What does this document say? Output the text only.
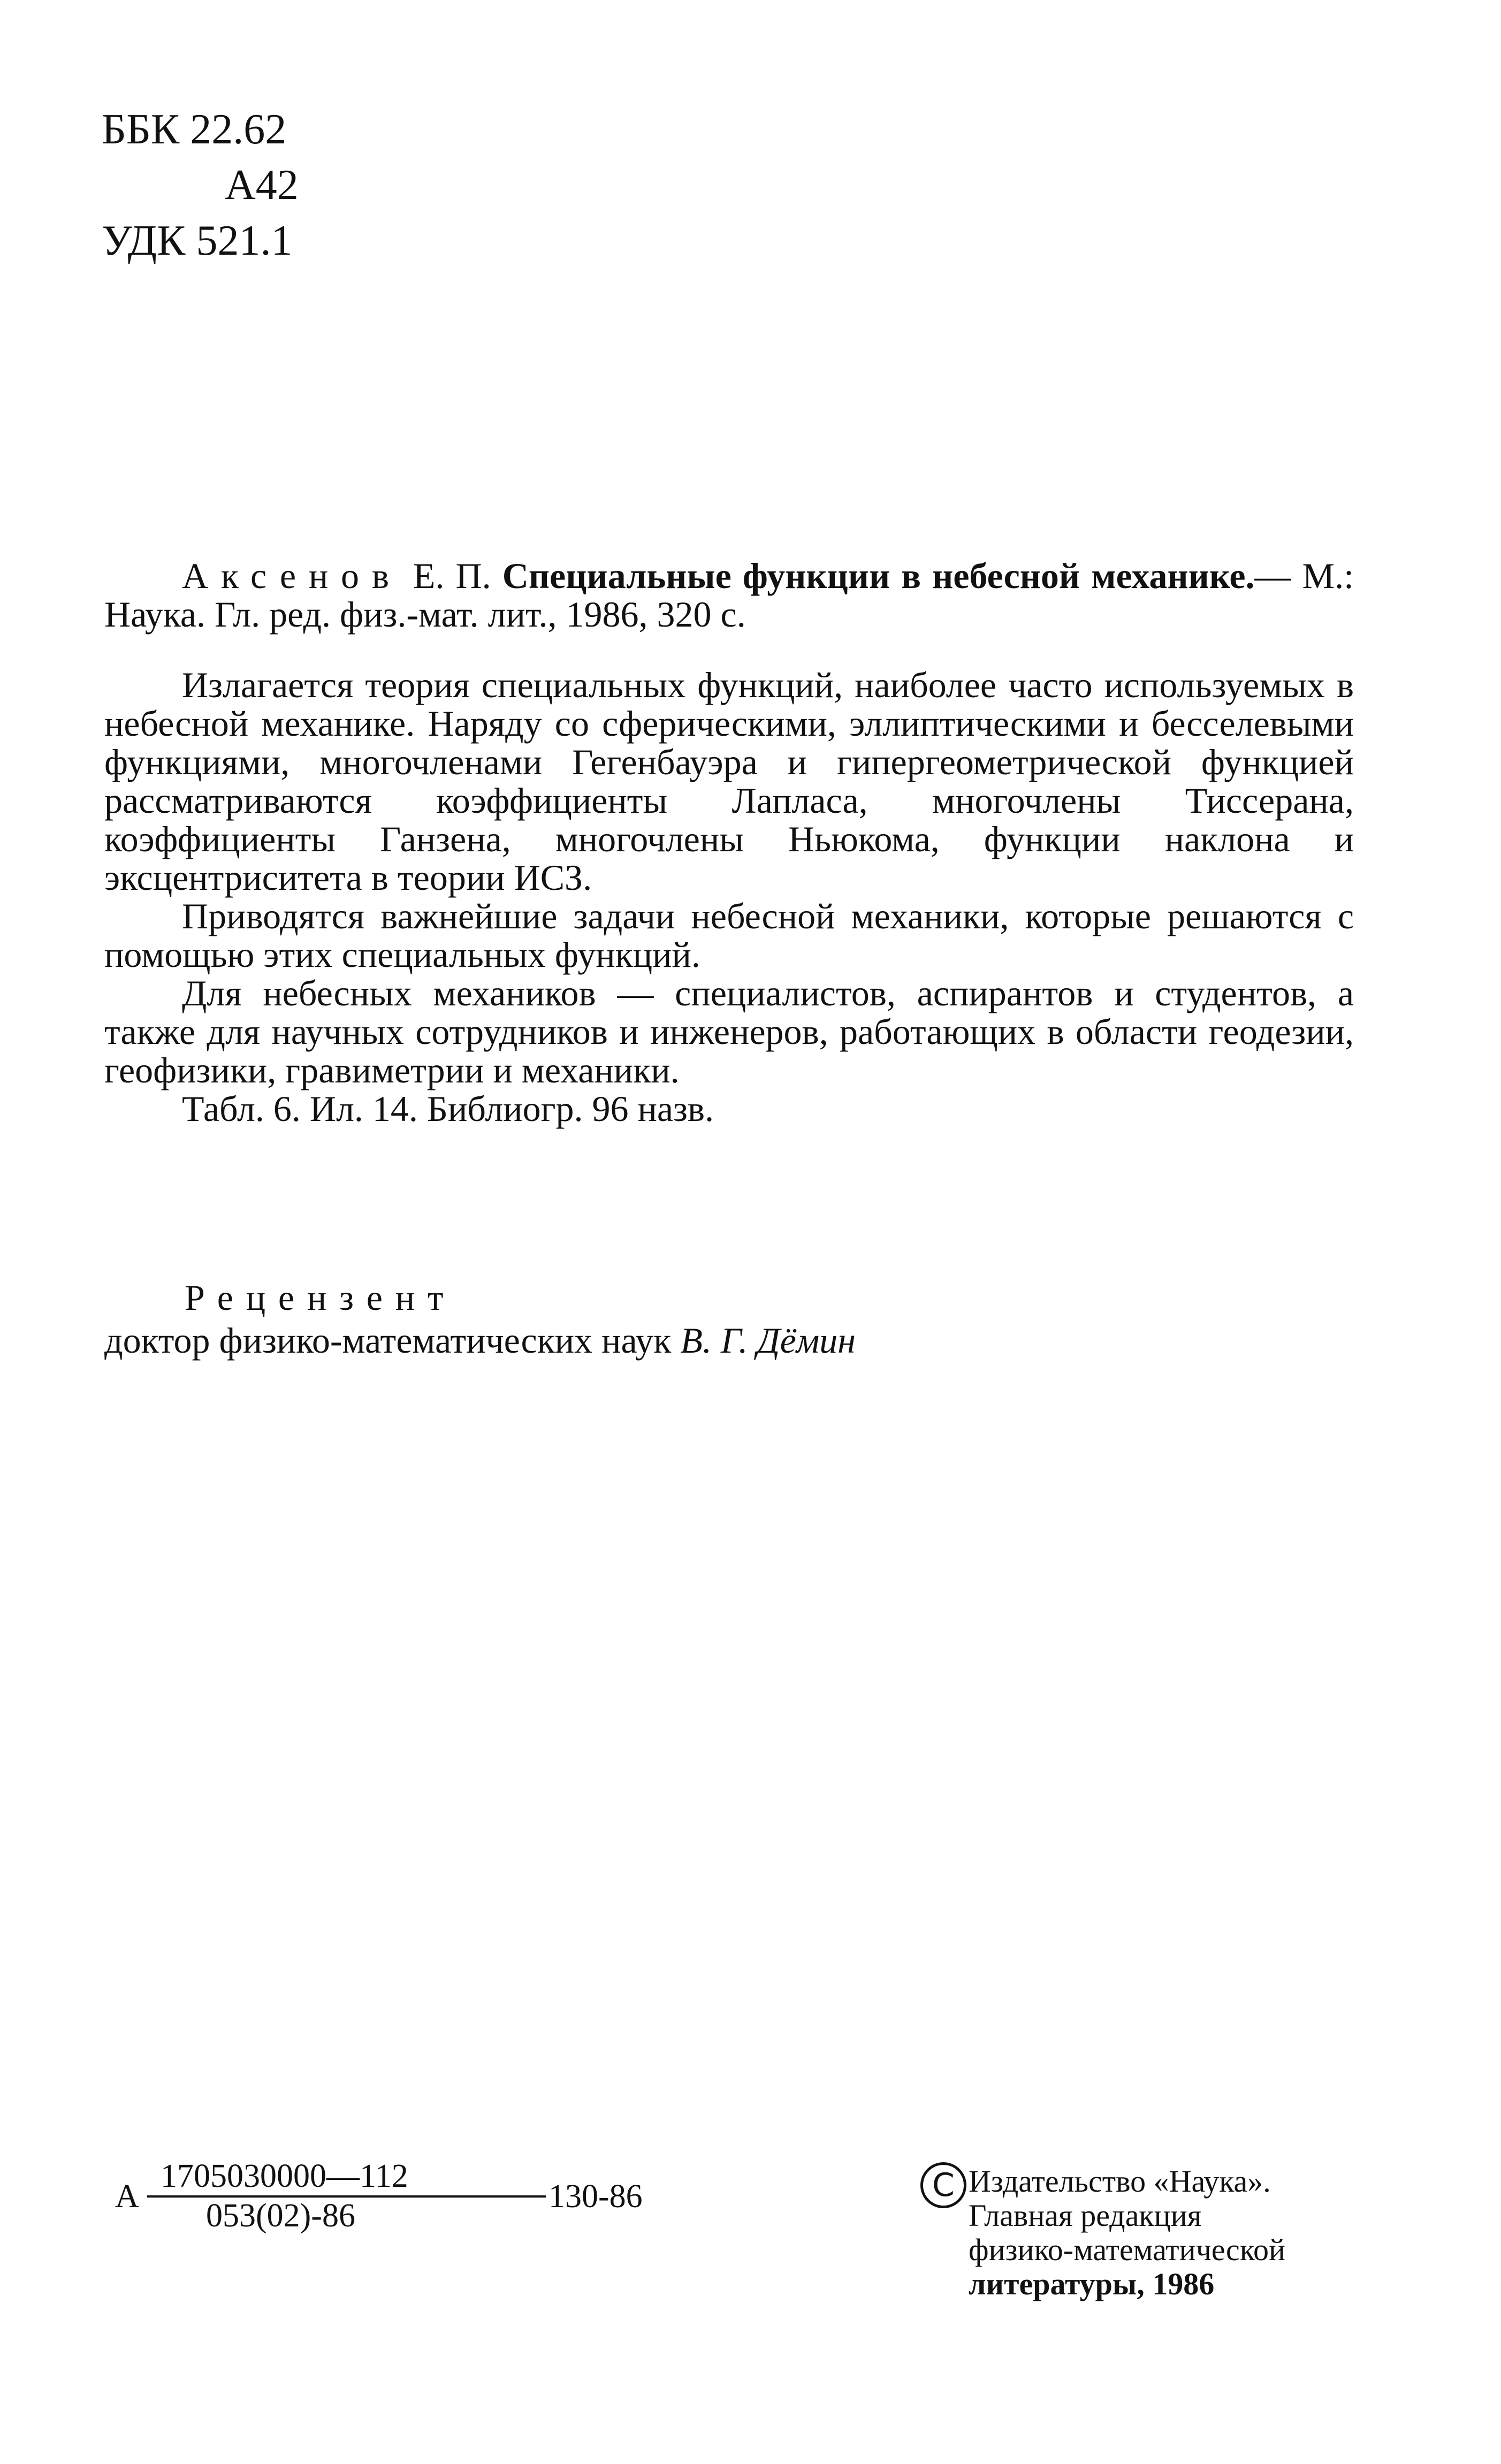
ББК 22.62
А42
УДК 521.1

Аксенов Е. П. Специальные функции в небесной механике.— М.: Наука. Гл. ред. физ.-мат. лит., 1986, 320 с.

Излагается теория специальных функций, наиболее часто используемых в небесной механике. Наряду со сферическими, эллиптическими и бесселевыми функциями, многочленами Гегенбауэра и гипергеометрической функцией рассматриваются коэффициенты Лапласа, многочлены Тиссерана, коэффициенты Ганзена, многочлены Ньюкома, функции наклона и эксцентриситета в теории ИСЗ.

Приводятся важнейшие задачи небесной механики, которые решаются с помощью этих специальных функций.

Для небесных механиков — специалистов, аспирантов и студентов, а также для научных сотрудников и инженеров, работающих в области геодезии, геофизики, гравиметрии и механики.

Табл. 6. Ил. 14. Библиогр. 96 назв.

Рецензент
доктор физико-математических наук В. Г. Дёмин
А $\frac{1705030000—112}{053(02)-86} 130-86$	C Издательство «Наука».
Главная редакция
физико-математической
литературы, 1986
